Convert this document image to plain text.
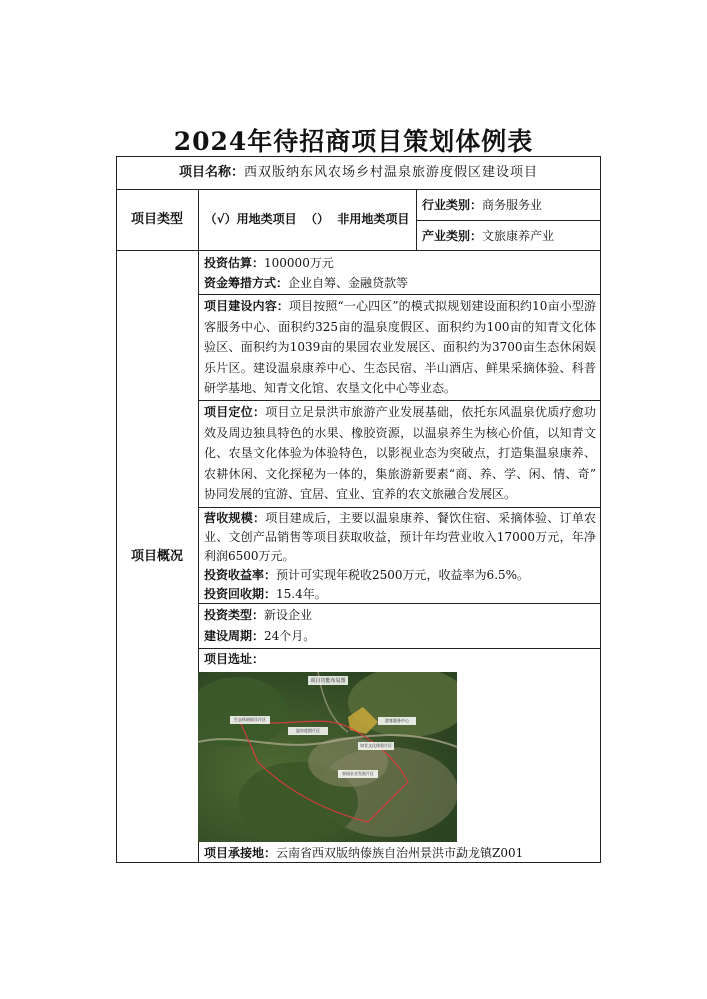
2024年待招商项目策划体例表
项目名称： 西双版纳东风农场乡村温泉旅游度假区建设项目
项目类型	（√）用地类项目  （）  非用地类项目
行业类别：商务服务业
产业类别：文旅康养产业
项目概况
投资估算：100000万元
资金筹措方式：企业自筹、金融贷款等
项目建设内容：项目按照“一心四区”的模式拟规划建设面积约10亩小型游客服务中心、面积约325亩的温泉度假区、面积约为100亩的知青文化体验区、面积约为1039亩的果园农业发展区、面积约为3700亩生态休闲娱乐片区。建设温泉康养中心、生态民宿、半山酒店、鲜果采摘体验、科普研学基地、知青文化馆、农垦文化中心等业态。
项目定位：项目立足景洪市旅游产业发展基础，依托东风温泉优质疗愈功效及周边独具特色的水果、橡胶资源，以温泉养生为核心价值，以知青文化、农垦文化体验为体验特色，以影视业态为突破点，打造集温泉康养、农耕休闲、文化探秘为一体的，集旅游新要素“商、养、学、闲、情、奇” 协同发展的宜游、宜居、宜业、宜养的农文旅融合发展区。
营收规模：项目建成后，主要以温泉康养、餐饮住宿、采摘体验、订单农业、文创产品销售等项目获取收益，预计年均营业收入17000万元，年净利润6500万元。
投资收益率：预计可实现年税收2500万元，收益率为6.5%。
投资回收期：15.4年。
投资类型：新设企业
建设周期：24个月。
项目选址：
项目功能布局图
生态休闲娱乐片区	游客服务中心
温泉度假片区
知青文化体验片区
果园农业发展片区
项目承接地：云南省西双版纳傣族自治州景洪市勐龙镇Z001
